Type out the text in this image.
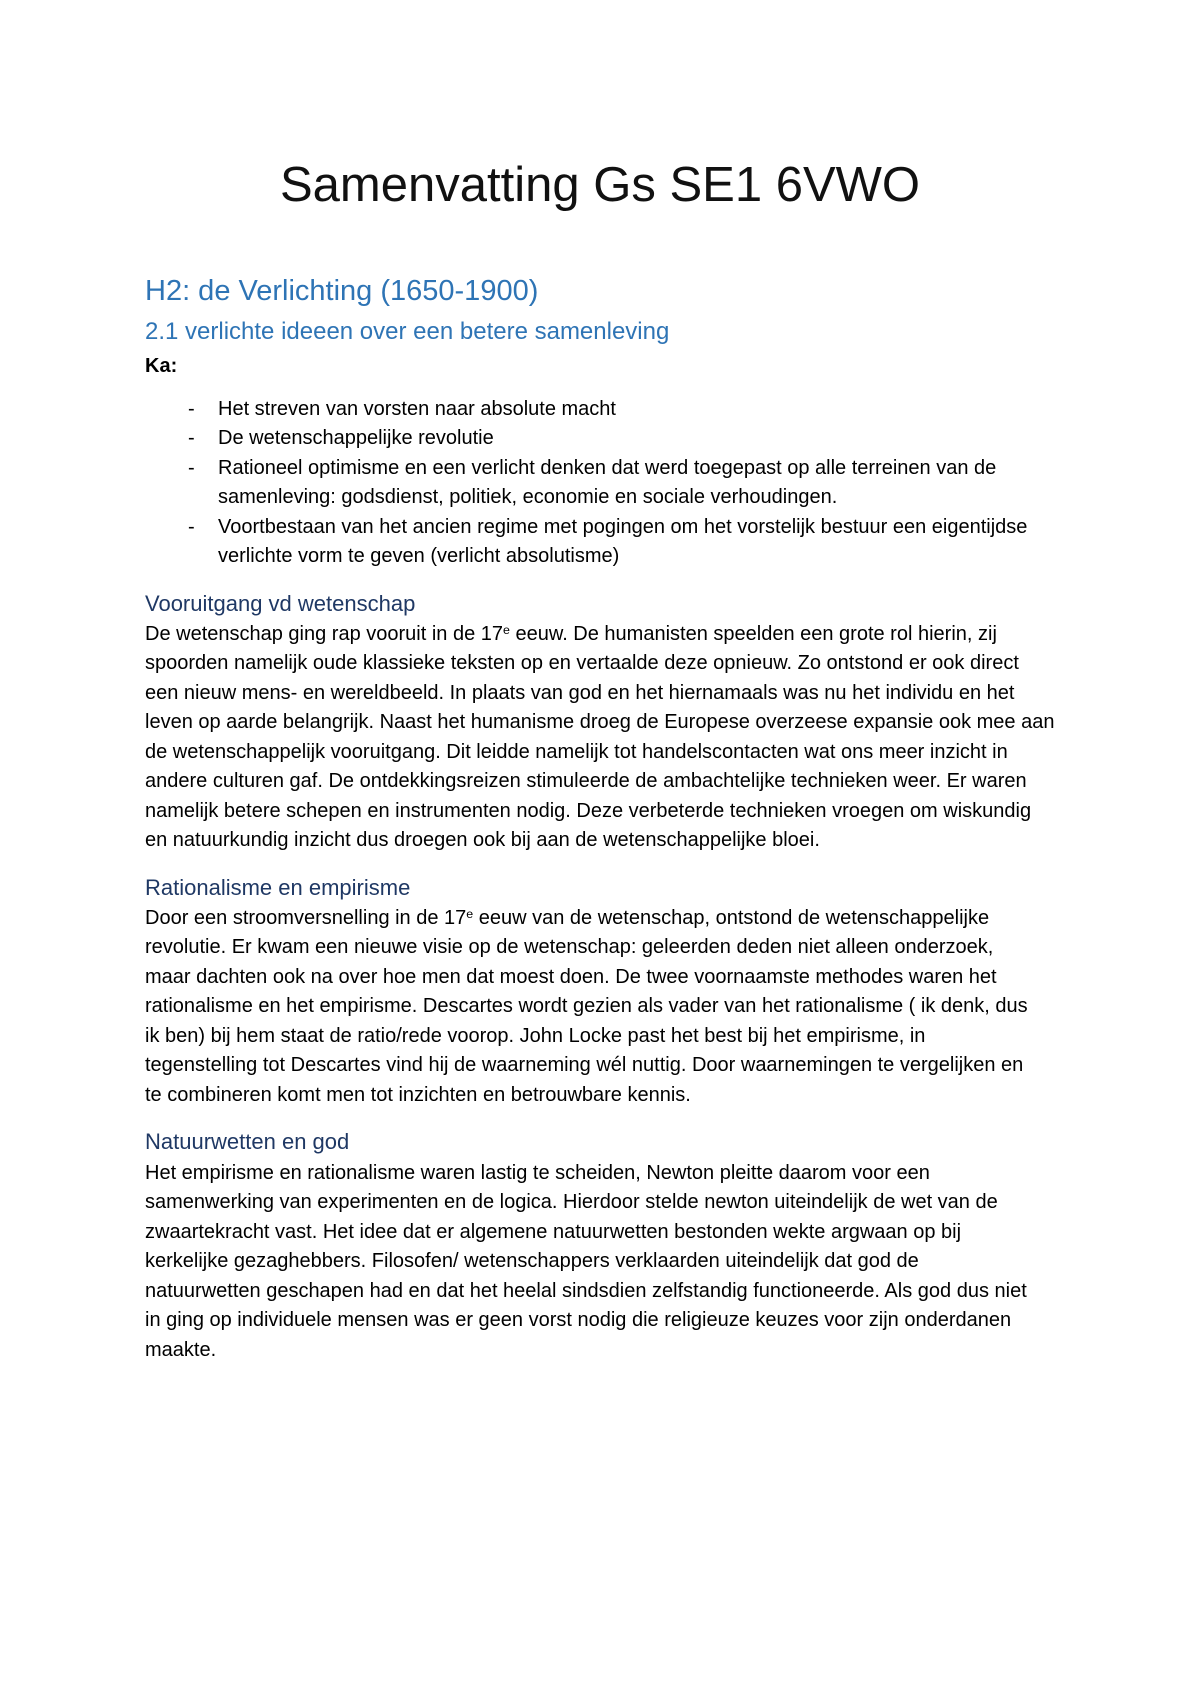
Samenvatting Gs SE1 6VWO
H2: de Verlichting (1650-1900)
2.1 verlichte ideeen over een betere samenleving
Ka:
- Het streven van vorsten naar absolute macht
- De wetenschappelijke revolutie
- Rationeel optimisme en een verlicht denken dat werd toegepast op alle terreinen van de
samenleving: godsdienst, politiek, economie en sociale verhoudingen.
- Voortbestaan van het ancien regime met pogingen om het vorstelijk bestuur een eigentijdse
verlichte vorm te geven (verlicht absolutisme)
Vooruitgang vd wetenschap
De wetenschap ging rap vooruit in de 17e eeuw. De humanisten speelden een grote rol hierin, zij
spoorden namelijk oude klassieke teksten op en vertaalde deze opnieuw. Zo ontstond er ook direct
een nieuw mens- en wereldbeeld. In plaats van god en het hiernamaals was nu het individu en het
leven op aarde belangrijk. Naast het humanisme droeg de Europese overzeese expansie ook mee aan
de wetenschappelijk vooruitgang. Dit leidde namelijk tot handelscontacten wat ons meer inzicht in
andere culturen gaf. De ontdekkingsreizen stimuleerde de ambachtelijke technieken weer. Er waren
namelijk betere schepen en instrumenten nodig. Deze verbeterde technieken vroegen om wiskundig
en natuurkundig inzicht dus droegen ook bij aan de wetenschappelijke bloei.
Rationalisme en empirisme
Door een stroomversnelling in de 17e eeuw van de wetenschap, ontstond de wetenschappelijke
revolutie. Er kwam een nieuwe visie op de wetenschap: geleerden deden niet alleen onderzoek,
maar dachten ook na over hoe men dat moest doen. De twee voornaamste methodes waren het
rationalisme en het empirisme. Descartes wordt gezien als vader van het rationalisme ( ik denk, dus
ik ben) bij hem staat de ratio/rede voorop. John Locke past het best bij het empirisme, in
tegenstelling tot Descartes vind hij de waarneming wél nuttig. Door waarnemingen te vergelijken en
te combineren komt men tot inzichten en betrouwbare kennis.
Natuurwetten en god
Het empirisme en rationalisme waren lastig te scheiden, Newton pleitte daarom voor een
samenwerking van experimenten en de logica. Hierdoor stelde newton uiteindelijk de wet van de
zwaartekracht vast. Het idee dat er algemene natuurwetten bestonden wekte argwaan op bij
kerkelijke gezaghebbers. Filosofen/ wetenschappers verklaarden uiteindelijk dat god de
natuurwetten geschapen had en dat het heelal sindsdien zelfstandig functioneerde. Als god dus niet
in ging op individuele mensen was er geen vorst nodig die religieuze keuzes voor zijn onderdanen
maakte.
